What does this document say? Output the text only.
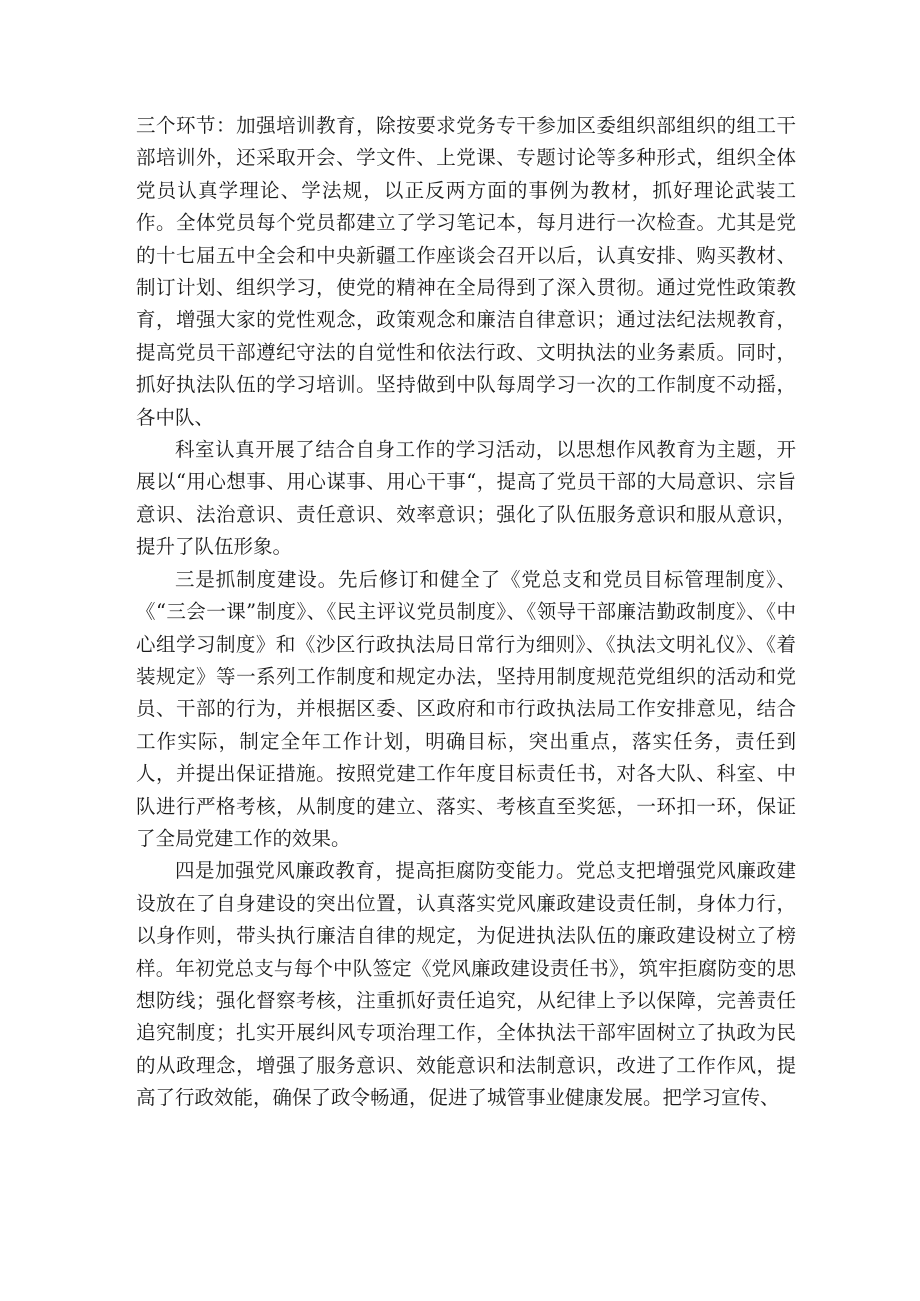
三个环节：加强培训教育，除按要求党务专干参加区委组织部组织的组工干部培训外，还采取开会、学文件、上党课、专题讨论等多种形式，组织全体党员认真学理论、学法规，以正反两方面的事例为教材，抓好理论武装工作。全体党员每个党员都建立了学习笔记本，每月进行一次检查。尤其是党的十七届五中全会和中央新疆工作座谈会召开以后，认真安排、购买教材、制订计划、组织学习，使党的精神在全局得到了深入贯彻。通过党性政策教育，增强大家的党性观念，政策观念和廉洁自律意识；通过法纪法规教育，提高党员干部遵纪守法的自觉性和依法行政、文明执法的业务素质。同时，抓好执法队伍的学习培训。坚持做到中队每周学习一次的工作制度不动摇，各中队、

科室认真开展了结合自身工作的学习活动，以思想作风教育为主题，开展以“用心想事、用心谋事、用心干事“，提高了党员干部的大局意识、宗旨意识、法治意识、责任意识、效率意识；强化了队伍服务意识和服从意识，提升了队伍形象。

三是抓制度建设。先后修订和健全了《党总支和党员目标管理制度》、《“三会一课”制度》、《民主评议党员制度》、《领导干部廉洁勤政制度》、《中心组学习制度》和《沙区行政执法局日常行为细则》、《执法文明礼仪》、《着装规定》等一系列工作制度和规定办法，坚持用制度规范党组织的活动和党员、干部的行为，并根据区委、区政府和市行政执法局工作安排意见，结合工作实际，制定全年工作计划，明确目标，突出重点，落实任务，责任到人，并提出保证措施。按照党建工作年度目标责任书，对各大队、科室、中队进行严格考核，从制度的建立、落实、考核直至奖惩，一环扣一环，保证了全局党建工作的效果。

四是加强党风廉政教育，提高拒腐防变能力。党总支把增强党风廉政建设放在了自身建设的突出位置，认真落实党风廉政建设责任制，身体力行，以身作则，带头执行廉洁自律的规定，为促进执法队伍的廉政建设树立了榜样。年初党总支与每个中队签定《党风廉政建设责任书》，筑牢拒腐防变的思想防线；强化督察考核，注重抓好责任追究，从纪律上予以保障，完善责任追究制度；扎实开展纠风专项治理工作，全体执法干部牢固树立了执政为民的从政理念，增强了服务意识、效能意识和法制意识，改进了工作作风，提高了行政效能，确保了政令畅通，促进了城管事业健康发展。把学习宣传、
